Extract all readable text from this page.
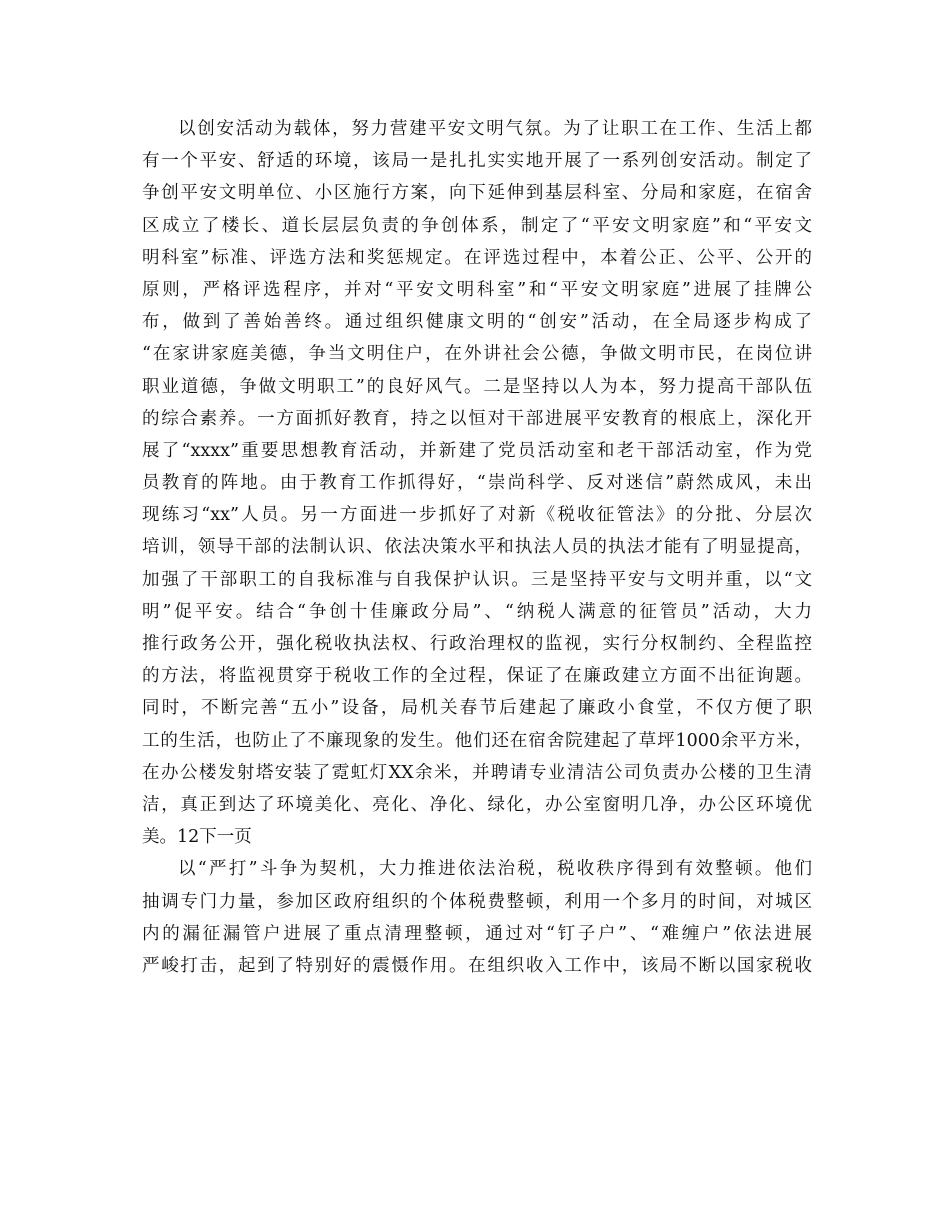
以创安活动为载体，努力营建平安文明气氛。为了让职工在工作、生活上都
有一个平安、舒适的环境，该局一是扎扎实实地开展了一系列创安活动。制定了
争创平安文明单位、小区施行方案，向下延伸到基层科室、分局和家庭，在宿舍
区成立了楼长、道长层层负责的争创体系，制定了“平安文明家庭”和“平安文
明科室”标准、评选方法和奖惩规定。在评选过程中，本着公正、公平、公开的
原则，严格评选程序，并对“平安文明科室”和“平安文明家庭”进展了挂牌公
布，做到了善始善终。通过组织健康文明的“创安”活动，在全局逐步构成了
“在家讲家庭美德，争当文明住户，在外讲社会公德，争做文明市民，在岗位讲
职业道德，争做文明职工”的良好风气。二是坚持以人为本，努力提高干部队伍
的综合素养。一方面抓好教育，持之以恒对干部进展平安教育的根底上，深化开
展了“xxxx”重要思想教育活动，并新建了党员活动室和老干部活动室，作为党
员教育的阵地。由于教育工作抓得好，“崇尚科学、反对迷信”蔚然成风，未出
现练习“xx”人员。另一方面进一步抓好了对新《税收征管法》的分批、分层次
培训，领导干部的法制认识、依法决策水平和执法人员的执法才能有了明显提高，
加强了干部职工的自我标准与自我保护认识。三是坚持平安与文明并重，以“文
明”促平安。结合“争创十佳廉政分局”、“纳税人满意的征管员”活动，大力
推行政务公开，强化税收执法权、行政治理权的监视，实行分权制约、全程监控
的方法，将监视贯穿于税收工作的全过程，保证了在廉政建立方面不出征询题。
同时，不断完善“五小”设备，局机关春节后建起了廉政小食堂，不仅方便了职
工的生活，也防止了不廉现象的发生。他们还在宿舍院建起了草坪1000余平方米，
在办公楼发射塔安装了霓虹灯XX余米，并聘请专业清洁公司负责办公楼的卫生清
洁，真正到达了环境美化、亮化、净化、绿化，办公室窗明几净，办公区环境优
美。12下一页
以“严打”斗争为契机，大力推进依法治税，税收秩序得到有效整顿。他们
抽调专门力量，参加区政府组织的个体税费整顿，利用一个多月的时间，对城区
内的漏征漏管户进展了重点清理整顿，通过对“钉子户”、“难缠户”依法进展
严峻打击，起到了特别好的震慑作用。在组织收入工作中，该局不断以国家税收
